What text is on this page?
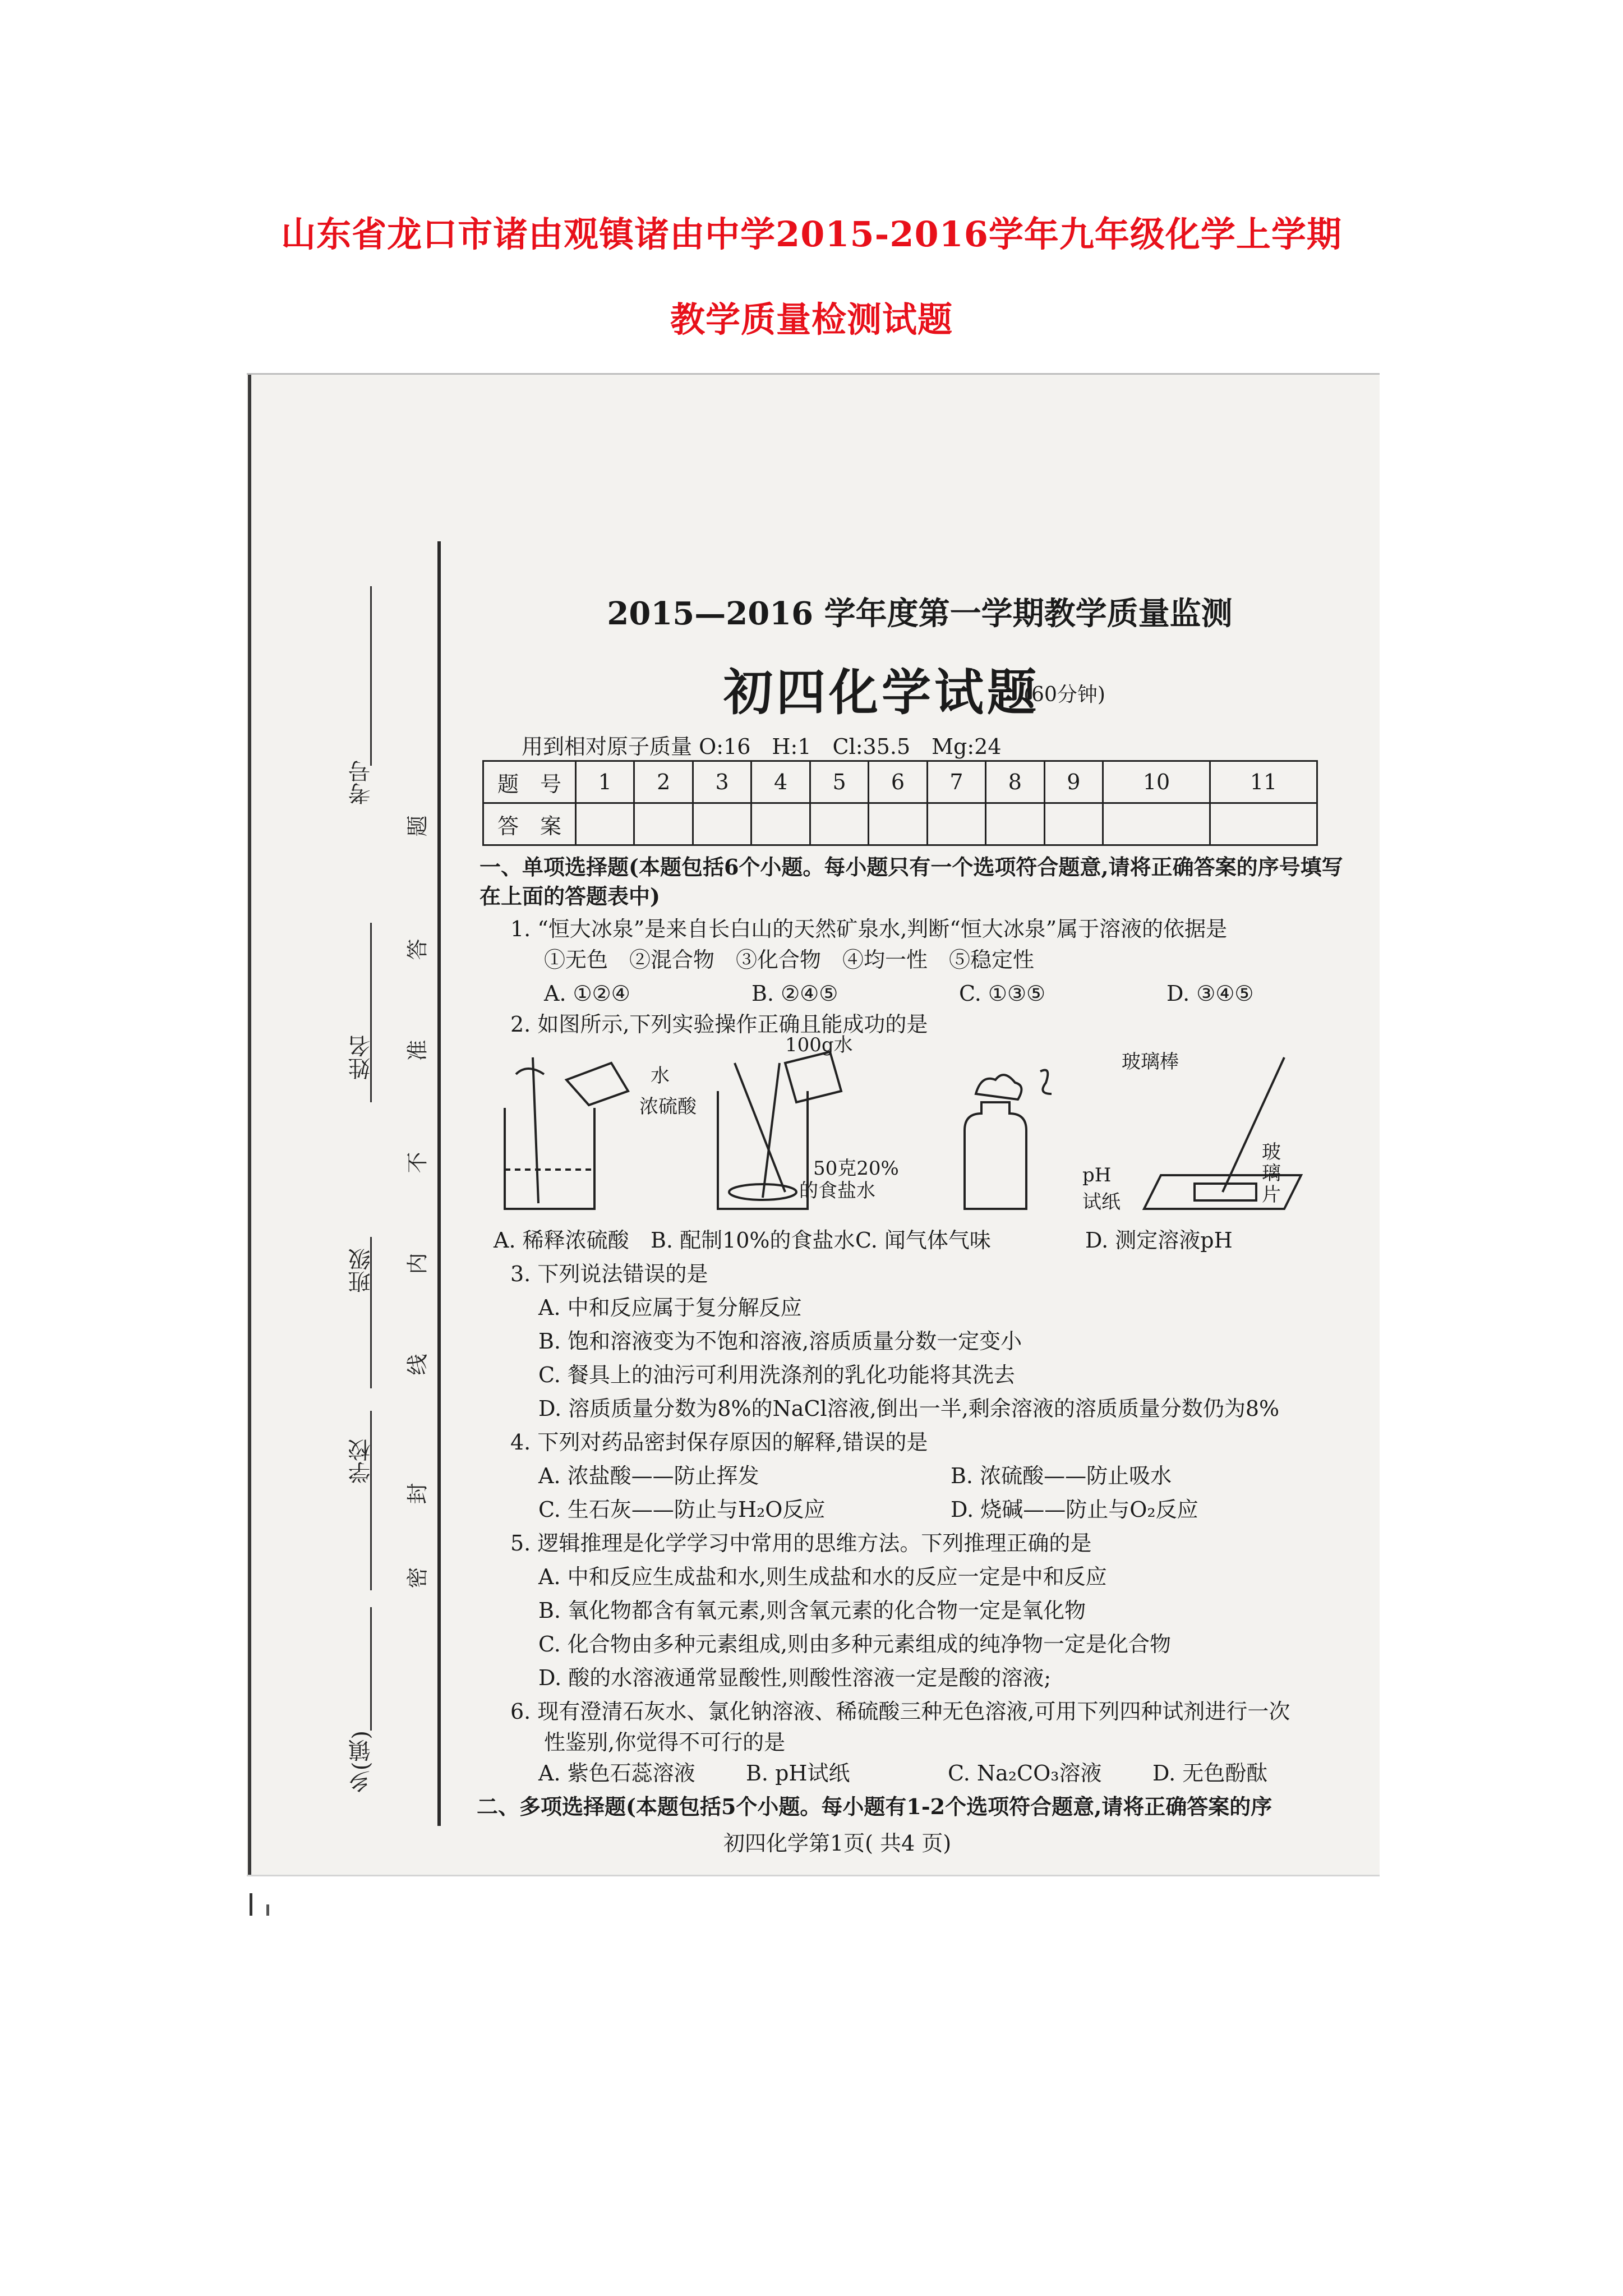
山东省龙口市诸由观镇诸由中学2015-2016学年九年级化学上学期
教学质量检测试题
考号
姓名
班级
学校
乡(镇)
题
答
准
不
内
线
封
密
2015—2016 学年度第一学期教学质量监测
初四化学试题
(60分钟)
用到相对原子质量 O:16　H:1　Cl:35.5　Mg:24
题　号	1	2	3	4	5	6	7	8	9	10	11
答　案											
一、单项选择题(本题包括6个小题。每小题只有一个选项符合题意,请将正确答案的序号填写在上面的答题表中)
1. “恒大冰泉”是来自长白山的天然矿泉水,判断“恒大冰泉”属于溶液的依据是
①无色　②混合物　③化合物　④均一性　⑤稳定性
A. ①②④	B. ②④⑤	C. ①③⑤	D. ③④⑤
2. 如图所示,下列实验操作正确且能成功的是
水
浓硫酸
100g水
50克20%
的食盐水
玻璃棒
pH
试纸
玻璃片
A. 稀释浓硫酸 B. 配制10%的食盐水 C. 闻气体气味	D. 测定溶液pH
3. 下列说法错误的是
A. 中和反应属于复分解反应
B. 饱和溶液变为不饱和溶液,溶质质量分数一定变小
C. 餐具上的油污可利用洗涤剂的乳化功能将其洗去
D. 溶质质量分数为8%的NaCl溶液,倒出一半,剩余溶液的溶质质量分数仍为8%
4. 下列对药品密封保存原因的解释,错误的是
A. 浓盐酸——防止挥发	B. 浓硫酸——防止吸水
C. 生石灰——防止与H₂O反应	D. 烧碱——防止与O₂反应
5. 逻辑推理是化学学习中常用的思维方法。下列推理正确的是
A. 中和反应生成盐和水,则生成盐和水的反应一定是中和反应
B. 氧化物都含有氧元素,则含氧元素的化合物一定是氧化物
C. 化合物由多种元素组成,则由多种元素组成的纯净物一定是化合物
D. 酸的水溶液通常显酸性,则酸性溶液一定是酸的溶液;
6. 现有澄清石灰水、氯化钠溶液、稀硫酸三种无色溶液,可用下列四种试剂进行一次
性鉴别,你觉得不可行的是
A. 紫色石蕊溶液 B. pH试纸	C. Na₂CO₃溶液 D. 无色酚酞
二、多项选择题(本题包括5个小题。每小题有1-2个选项符合题意,请将正确答案的序
初四化学第1页( 共4 页)
